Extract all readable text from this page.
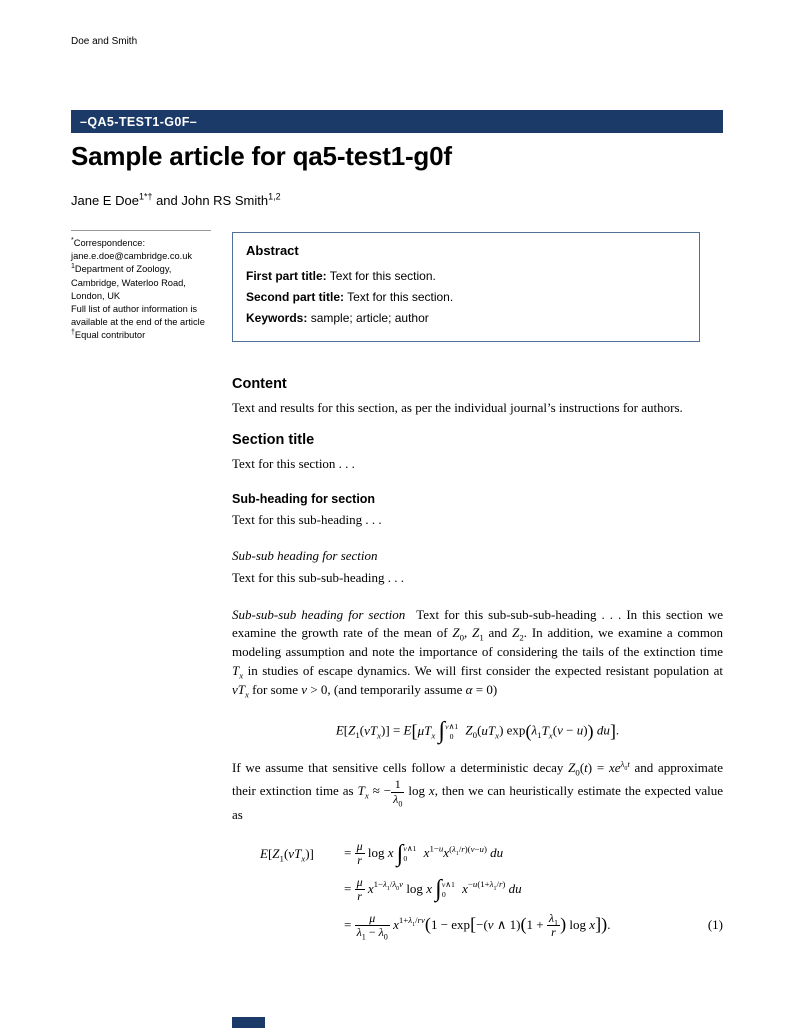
Doe and Smith
–QA5-TEST1-G0F–
Sample article for qa5-test1-g0f
Jane E Doe$^{1*\dagger}$ and John RS Smith$^{1,2}$
*Correspondence:
jane.e.doe@cambridge.co.uk
$^1$Department of Zoology,
Cambridge, Waterloo Road,
London, UK
Full list of author information is
available at the end of the article
†Equal contributor
Abstract
First part title: Text for this section.
Second part title: Text for this section.
Keywords: sample; article; author
Content

Text and results for this section, as per the individual journal’s instructions for authors.

Section title

Text for this section . . .

Sub-heading for section

Text for this sub-heading . . .

Sub-sub heading for section

Text for this sub-sub-heading . . .

Sub-sub-sub heading for section Text for this sub-sub-sub-heading . . . In this section we examine the growth rate of the mean of $Z_0$, $Z_1$ and $Z_2$. In addition, we examine a common modeling assumption and note the importance of considering the tails of the extinction time $T_x$ in studies of escape dynamics. We will first consider the expected resistant population at $vT_x$ for some v > 0, (and temporarily assume α = 0)

$E[Z_1(vT_x)] = E[\mu T_x$ ∫ v∧1
0 $Z_0(uT_x) \exp(\lambda_1T_x(v - u))$ du].

If we assume that sensitive cells follow a deterministic decay $Z_0(t) = xe^{\lambda_0t}$ and approximate their extinction time as $T_x$ ≈ − $\frac{1}{\lambda_0}$ log x, then we can heuristically estimate the expected value as

$E[Z_1(vT_x)]$	= $\frac{\mu}{r}$ log x ∫ v∧1
0	$x^{1-u}x^{(\lambda_1/r)(v-u)}$ du
= $\frac{\mu}{r} x^{1-\lambda_1/\lambda_0v}$ log x ∫ v∧1
0	$x^{-u(1+\lambda_1/r)}$ du
= $\frac{\mu}{\lambda_1 - \lambda_0} x^{1+\lambda_1/rv}(1 - \exp[-(v$ ∧ $1)(1 + \frac{\lambda_1}{r}$ ) log x]).	(1)
